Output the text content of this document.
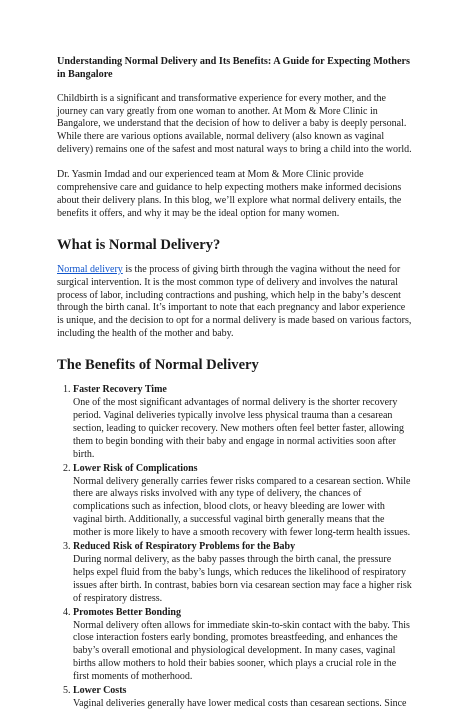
Understanding Normal Delivery and Its Benefits: A Guide for Expecting Mothers in Bangalore

Childbirth is a significant and transformative experience for every mother, and the journey can vary greatly from one woman to another. At Mom & More Clinic in Bangalore, we understand that the decision of how to deliver a baby is deeply personal. While there are various options available, normal delivery (also known as vaginal delivery) remains one of the safest and most natural ways to bring a child into the world.

Dr. Yasmin Imdad and our experienced team at Mom & More Clinic provide comprehensive care and guidance to help expecting mothers make informed decisions about their delivery plans. In this blog, we’ll explore what normal delivery entails, the benefits it offers, and why it may be the ideal option for many women.

What is Normal Delivery?

Normal delivery is the process of giving birth through the vagina without the need for surgical intervention. It is the most common type of delivery and involves the natural process of labor, including contractions and pushing, which help in the baby’s descent through the birth canal. It’s important to note that each pregnancy and labor experience is unique, and the decision to opt for a normal delivery is made based on various factors, including the health of the mother and baby.

The Benefits of Normal Delivery
1. Faster Recovery Time
One of the most significant advantages of normal delivery is the shorter recovery period. Vaginal deliveries typically involve less physical trauma than a cesarean section, leading to quicker recovery. New mothers often feel better faster, allowing them to begin bonding with their baby and engage in normal activities soon after birth.
2. Lower Risk of Complications
Normal delivery generally carries fewer risks compared to a cesarean section. While there are always risks involved with any type of delivery, the chances of complications such as infection, blood clots, or heavy bleeding are lower with vaginal birth. Additionally, a successful vaginal birth generally means that the mother is more likely to have a smooth recovery with fewer long-term health issues.
3. Reduced Risk of Respiratory Problems for the Baby
During normal delivery, as the baby passes through the birth canal, the pressure helps expel fluid from the baby’s lungs, which reduces the likelihood of respiratory issues after birth. In contrast, babies born via cesarean section may face a higher risk of respiratory distress.
4. Promotes Better Bonding
Normal delivery often allows for immediate skin-to-skin contact with the baby. This close interaction fosters early bonding, promotes breastfeeding, and enhances the baby’s overall emotional and physiological development. In many cases, vaginal births allow mothers to hold their babies sooner, which plays a crucial role in the first moments of motherhood.
5. Lower Costs
Vaginal deliveries generally have lower medical costs than cesarean sections. Since
